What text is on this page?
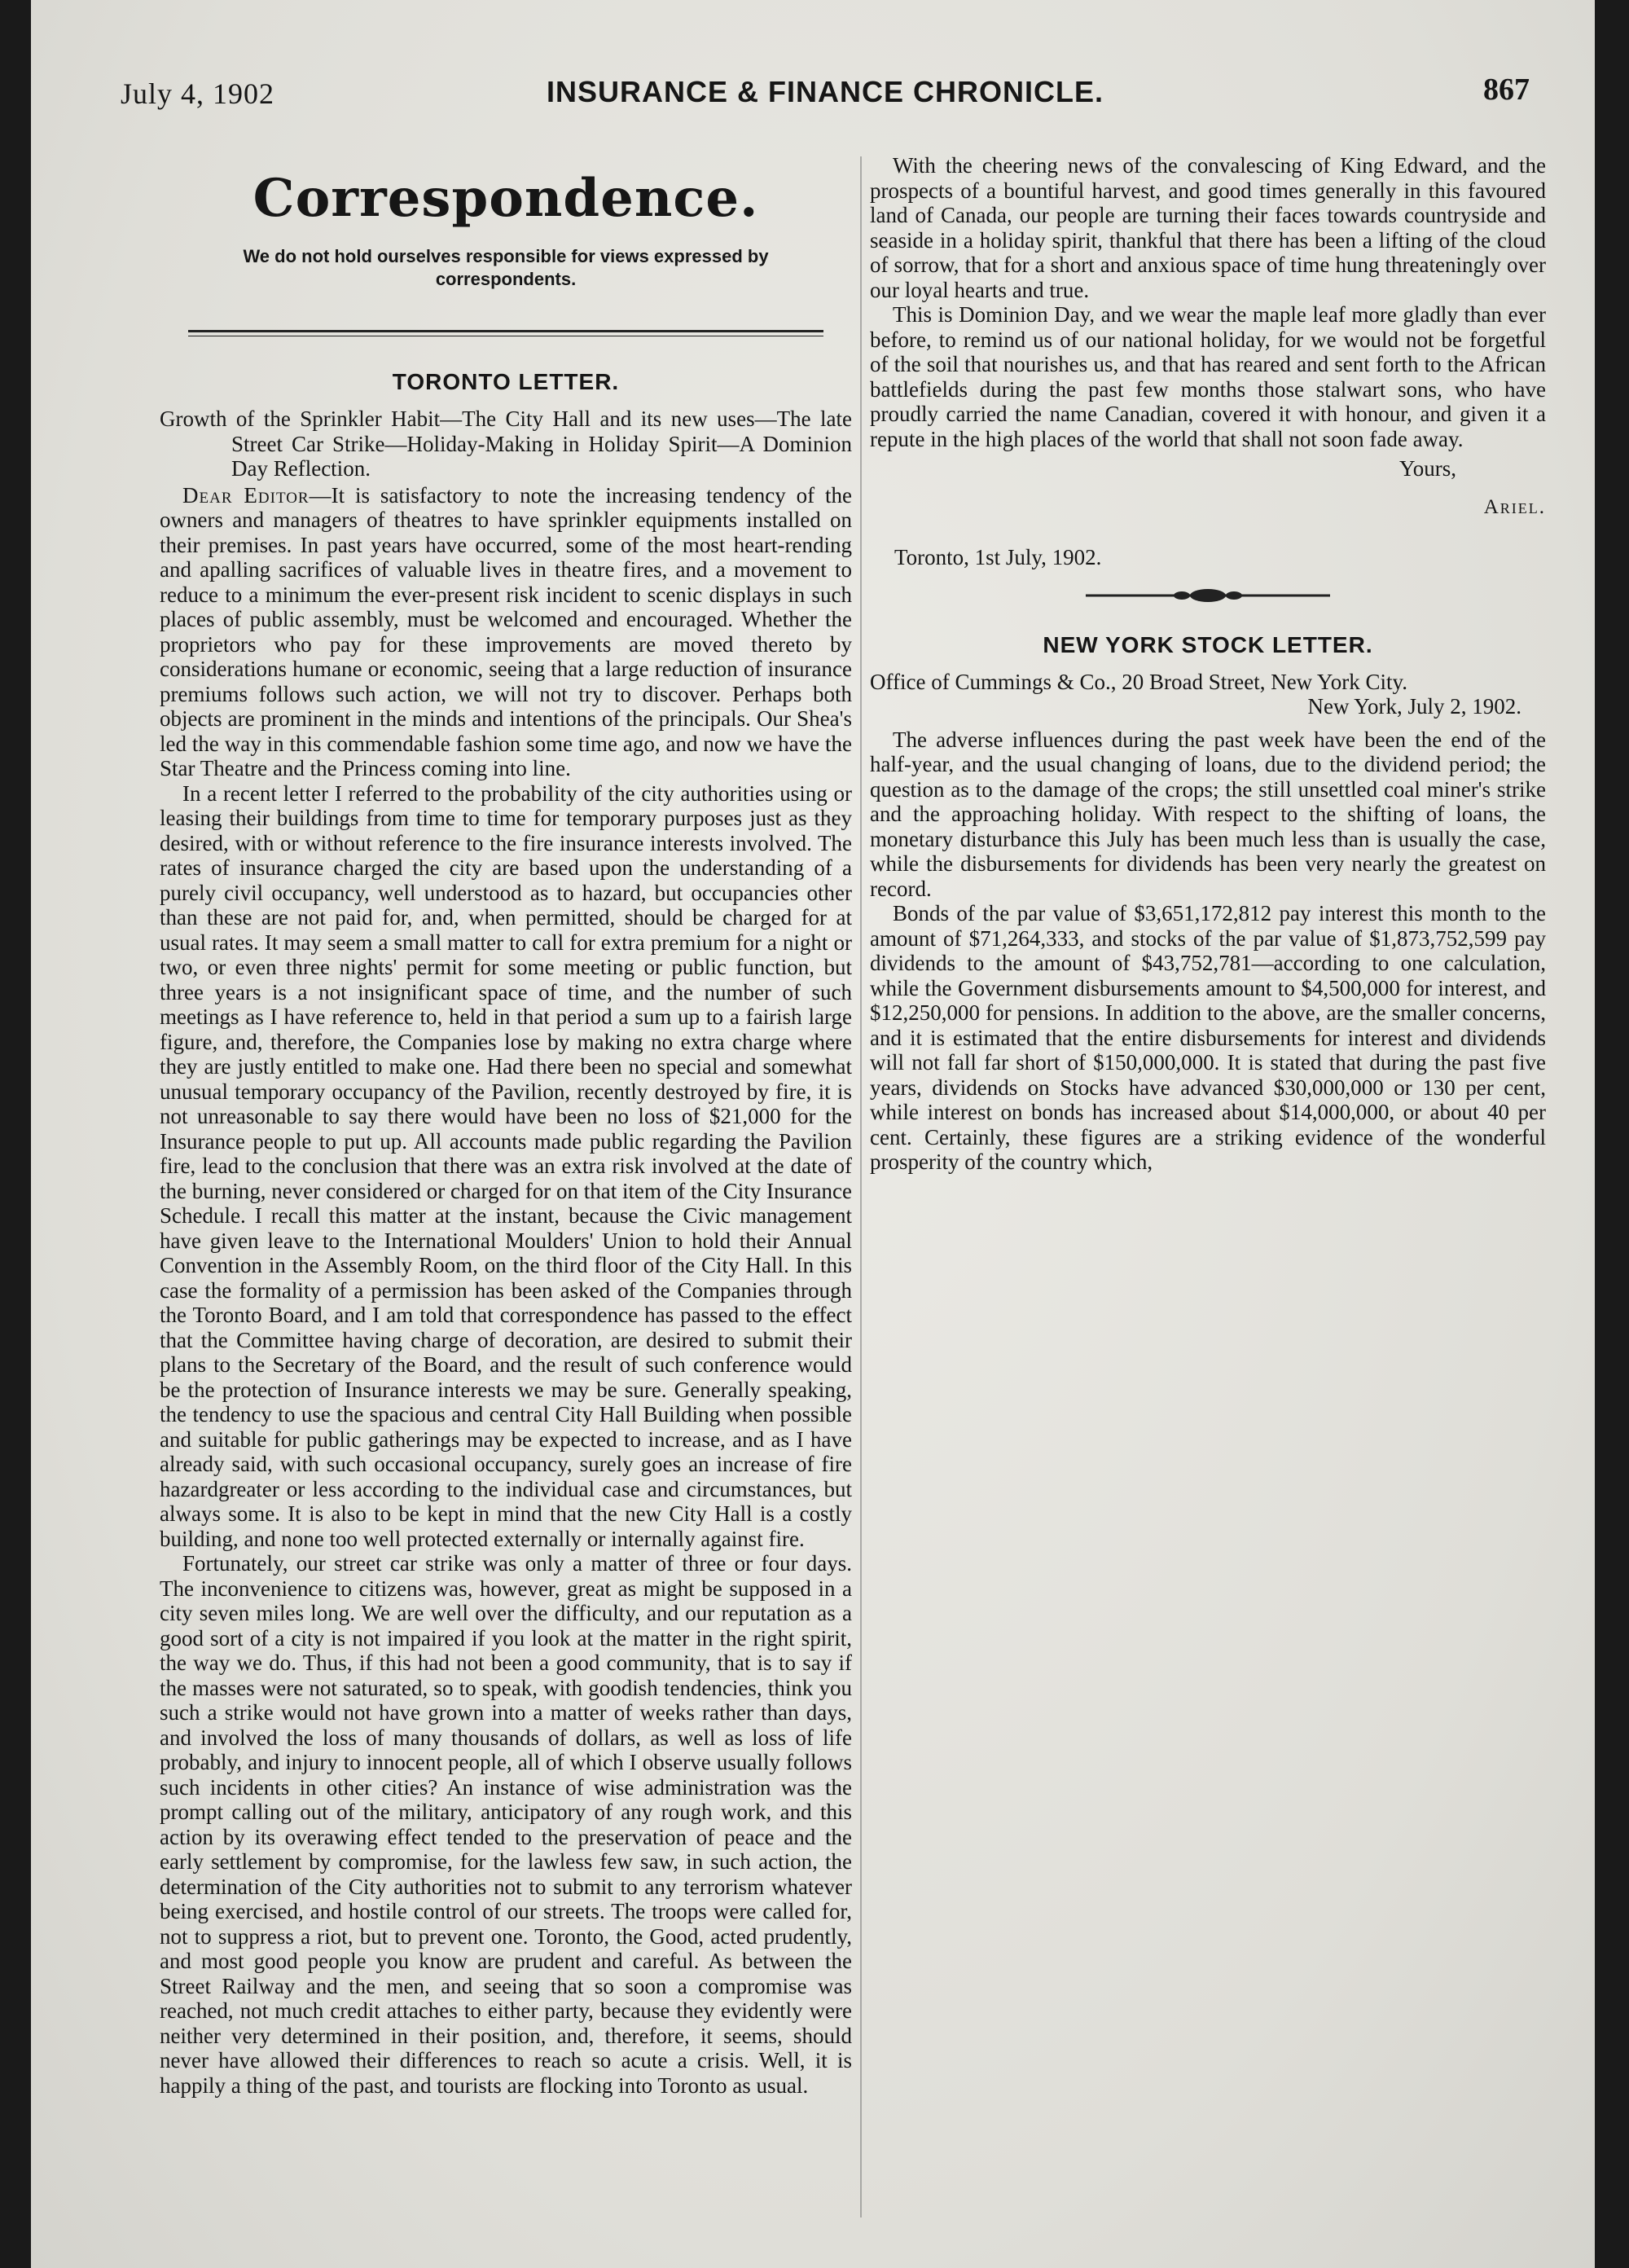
July 4, 1902	INSURANCE & FINANCE CHRONICLE.	867
Correspondence.

We do not hold ourselves responsible for views expressed by correspondents.

TORONTO LETTER.

Growth of the Sprinkler Habit—The City Hall and its new uses—The late Street Car Strike—Holiday-Making in Holiday Spirit—A Dominion Day Reflection.

Dear Editor—It is satisfactory to note the increasing tendency of the owners and managers of theatres to have sprinkler equipments installed on their premises. In past years have occurred, some of the most heart-rending and apalling sacrifices of valuable lives in theatre fires, and a movement to reduce to a minimum the ever-present risk incident to scenic displays in such places of public assembly, must be welcomed and encouraged. Whether the proprietors who pay for these improvements are moved thereto by considerations humane or economic, seeing that a large reduction of insurance premiums follows such action, we will not try to discover. Perhaps both objects are prominent in the minds and intentions of the principals. Our Shea's led the way in this commendable fashion some time ago, and now we have the Star Theatre and the Princess coming into line.

In a recent letter I referred to the probability of the city authorities using or leasing their buildings from time to time for temporary purposes just as they desired, with or without reference to the fire insurance interests involved. The rates of insurance charged the city are based upon the understanding of a purely civil occupancy, well understood as to hazard, but occupancies other than these are not paid for, and, when permitted, should be charged for at usual rates. It may seem a small matter to call for extra premium for a night or two, or even three nights' permit for some meeting or public function, but three years is a not insignificant space of time, and the number of such meetings as I have reference to, held in that period a sum up to a fairish large figure, and, therefore, the Companies lose by making no extra charge where they are justly entitled to make one. Had there been no special and somewhat unusual temporary occupancy of the Pavilion, recently destroyed by fire, it is not unreasonable to say there would have been no loss of $21,000 for the Insurance people to put up. All accounts made public regarding the Pavilion fire, lead to the conclusion that there was an extra risk involved at the date of the burning, never considered or charged for on that item of the City Insurance Schedule. I recall this matter at the instant, because the Civic management have given leave to the International Moulders' Union to hold their Annual Convention in the Assembly Room, on the third floor of the City Hall. In this case the formality of a permission has been asked of the Companies through the Toronto Board, and I am told that correspondence has passed to the effect that the Committee having charge of decoration, are desired to submit their plans to the Secretary of the Board, and the result of such conference would be the protection of Insurance interests we may be sure. Generally speaking, the tendency to use the spacious and central City Hall Building when possible and suitable for public gatherings may be expected to increase, and as I have already said, with such occasional occupancy, surely goes an increase of fire hazardgreater or less according to the individual case and circumstances, but always some. It is also to be kept in mind that the new City Hall is a costly building, and none too well protected externally or internally against fire.

Fortunately, our street car strike was only a matter of three or four days. The inconvenience to citizens was, however, great as might be supposed in a city seven miles long. We are well over the difficulty, and our reputation as a good sort of a city is not impaired if you look at the matter in the right spirit, the way we do. Thus, if this had not been a good community, that is to say if the masses were not saturated, so to speak, with goodish tendencies, think you such a strike would not have grown into a matter of weeks rather than days, and involved the loss of many thousands of dollars, as well as loss of life probably, and injury to innocent people, all of which I observe usually follows such incidents in other cities? An instance of wise administration was the prompt calling out of the military, anticipatory of any rough work, and this action by its overawing effect tended to the preservation of peace and the early settlement by compromise, for the lawless few saw, in such action, the determination of the City authorities not to submit to any terrorism whatever being exercised, and hostile control of our streets. The troops were called for, not to suppress a riot, but to prevent one. Toronto, the Good, acted prudently, and most good people you know are prudent and careful. As between the Street Railway and the men, and seeing that so soon a compromise was reached, not much credit attaches to either party, because they evidently were neither very determined in their position, and, therefore, it seems, should never have allowed their differences to reach so acute a crisis. Well, it is happily a thing of the past, and tourists are flocking into Toronto as usual.

With the cheering news of the convalescing of King Edward, and the prospects of a bountiful harvest, and good times generally in this favoured land of Canada, our people are turning their faces towards countryside and seaside in a holiday spirit, thankful that there has been a lifting of the cloud of sorrow, that for a short and anxious space of time hung threateningly over our loyal hearts and true.

This is Dominion Day, and we wear the maple leaf more gladly than ever before, to remind us of our national holiday, for we would not be forgetful of the soil that nourishes us, and that has reared and sent forth to the African battlefields during the past few months those stalwart sons, who have proudly carried the name Canadian, covered it with honour, and given it a repute in the high places of the world that shall not soon fade away.

Yours,
Ariel.
Toronto, 1st July, 1902.
NEW YORK STOCK LETTER.

Office of Cummings & Co., 20 Broad Street, New York City.

New York, July 2, 1902.

The adverse influences during the past week have been the end of the half-year, and the usual changing of loans, due to the dividend period; the question as to the damage of the crops; the still unsettled coal miner's strike and the approaching holiday. With respect to the shifting of loans, the monetary disturbance this July has been much less than is usually the case, while the disbursements for dividends has been very nearly the greatest on record.

Bonds of the par value of $3,651,172,812 pay interest this month to the amount of $71,264,333, and stocks of the par value of $1,873,752,599 pay dividends to the amount of $43,752,781—according to one calculation, while the Government disbursements amount to $4,500,000 for interest, and $12,250,000 for pensions. In addition to the above, are the smaller concerns, and it is estimated that the entire disbursements for interest and dividends will not fall far short of $150,000,000. It is stated that during the past five years, dividends on Stocks have advanced $30,000,000 or 130 per cent, while interest on bonds has increased about $14,000,000, or about 40 per cent. Certainly, these figures are a striking evidence of the wonderful prosperity of the country which,
